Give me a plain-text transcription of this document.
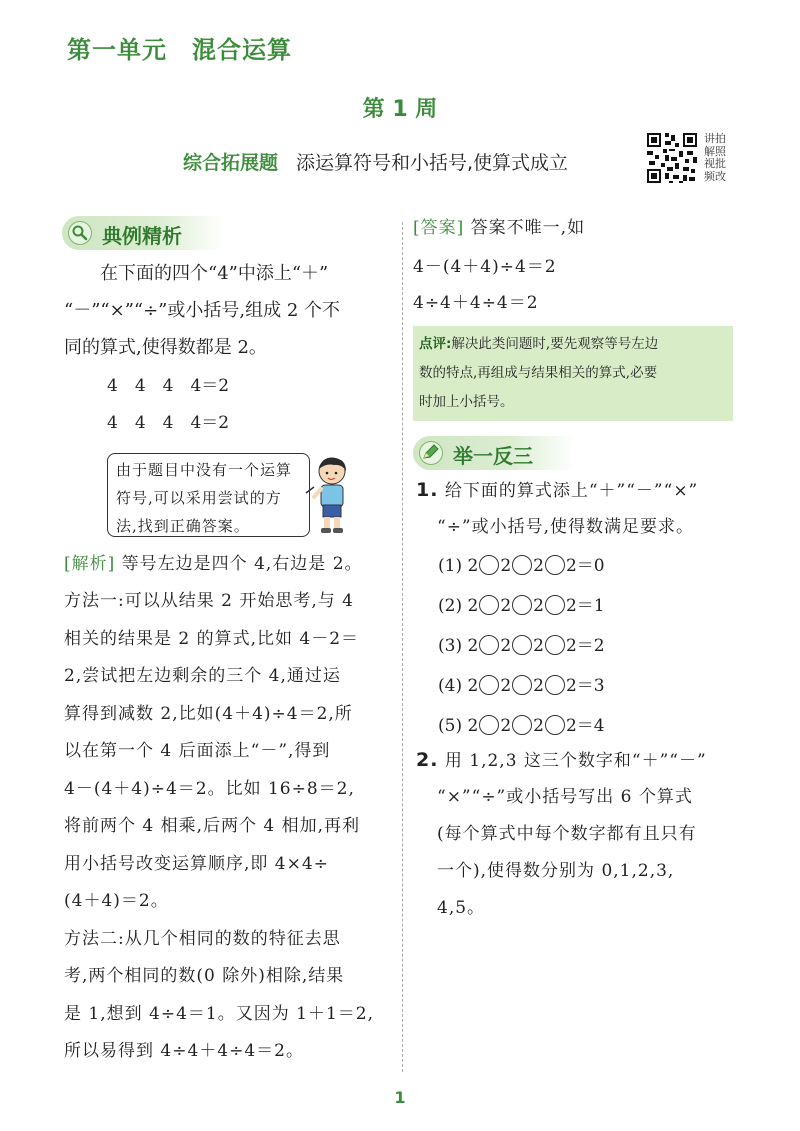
第一单元　混合运算
第 1 周
综合拓展题 添运算符号和小括号,使算式成立
讲拍
解照
视批
频改
典例精析
在下面的四个“4”中添上“＋”
“－”“×”“÷”或小括号,组成 2 个不
同的算式,使得数都是 2。
4　4　4　4＝2
4　4　4　4＝2

由于题目中没有一个运算

符号,可以采用尝试的方

法,找到正确答案。

[解析] 等号左边是四个 4,右边是 2。
方法一:可以从结果 2 开始思考,与 4
相关的结果是 2 的算式,比如 4－2＝
2,尝试把左边剩余的三个 4,通过运
算得到减数 2,比如(4＋4)÷4＝2,所
以在第一个 4 后面添上“－”,得到
4－(4＋4)÷4＝2。比如 16÷8＝2,
将前两个 4 相乘,后两个 4 相加,再利
用小括号改变运算顺序,即 4×4÷
(4＋4)＝2。
方法二:从几个相同的数的特征去思
考,两个相同的数(0 除外)相除,结果
是 1,想到 4÷4＝1。又因为 1＋1＝2,
所以易得到 4÷4＋4÷4＝2。
[答案] 答案不唯一,如
4－(4＋4)÷4＝2
4÷4＋4÷4＝2

点评:解决此类问题时,要先观察等号左边

数的特点,再组成与结果相关的算式,必要

时加上小括号。

举一反三
1. 给下面的算式添上“＋”“－”“×”
“÷”或小括号,使得数满足要求。
(1) 2 2 2 2＝0
(2) 2 2 2 2＝1
(3) 2 2 2 2＝2
(4) 2 2 2 2＝3
(5) 2 2 2 2＝4
2. 用 1,2,3 这三个数字和“＋”“－”
“×”“÷”或小括号写出 6 个算式
(每个算式中每个数字都有且只有
一个),使得数分别为 0,1,2,3,
4,5。
1
